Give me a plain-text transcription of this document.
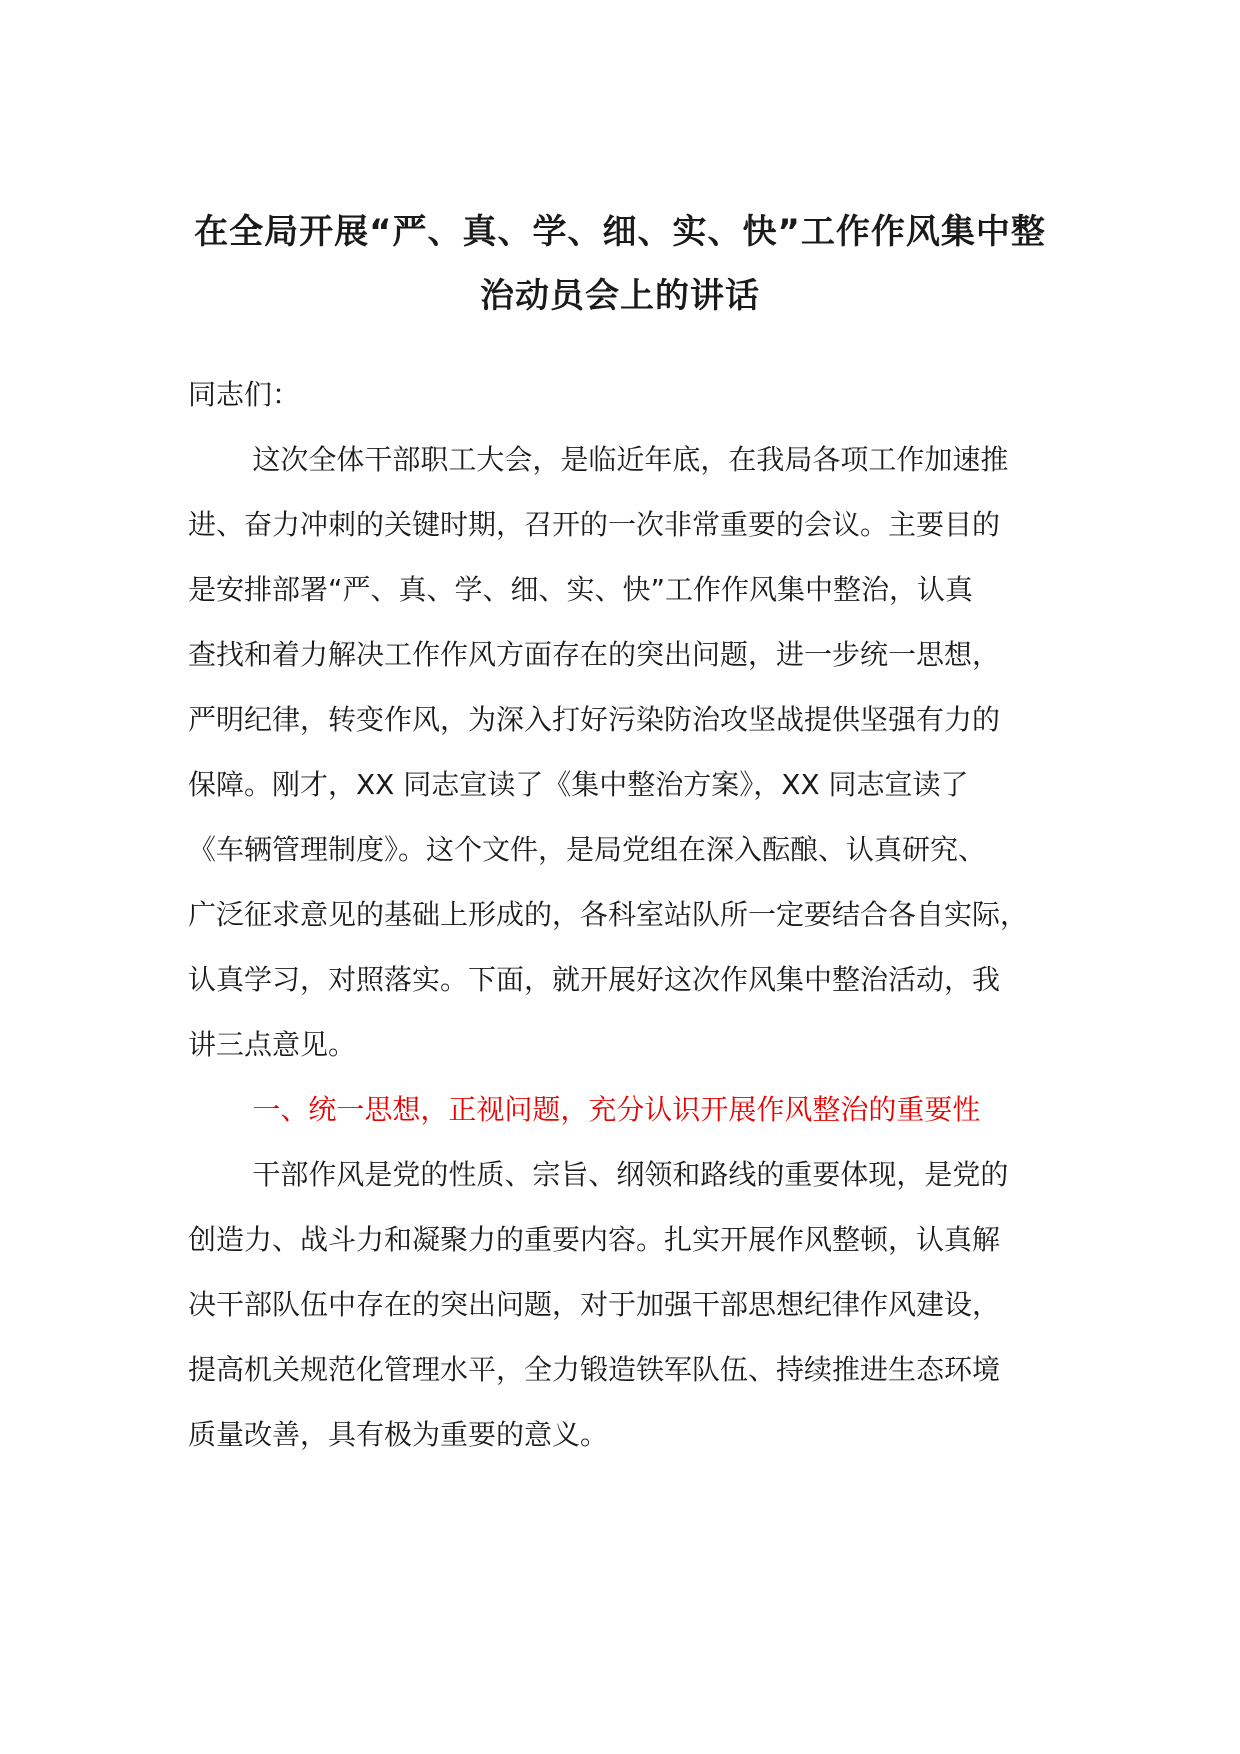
在全局开展“严、真、学、细、实、快”工作作风集中整
治动员会上的讲话

同志们：

这次全体干部职工大会，是临近年底，在我局各项工作加速推
进、奋力冲刺的关键时期，召开的一次非常重要的会议。主要目的
是安排部署“严、真、学、细、实、快”工作作风集中整治，认真
查找和着力解决工作作风方面存在的突出问题，进一步统一思想，
严明纪律，转变作风，为深入打好污染防治攻坚战提供坚强有力的
保障。刚才，XX 同志宣读了《集中整治方案》，XX 同志宣读了
《车辆管理制度》。这个文件，是局党组在深入酝酿、认真研究、
广泛征求意见的基础上形成的，各科室站队所一定要结合各自实际，
认真学习，对照落实。下面，就开展好这次作风集中整治活动，我
讲三点意见。

一、统一思想，正视问题，充分认识开展作风整治的重要性

干部作风是党的性质、宗旨、纲领和路线的重要体现，是党的
创造力、战斗力和凝聚力的重要内容。扎实开展作风整顿，认真解
决干部队伍中存在的突出问题，对于加强干部思想纪律作风建设，
提高机关规范化管理水平，全力锻造铁军队伍、持续推进生态环境
质量改善，具有极为重要的意义。
